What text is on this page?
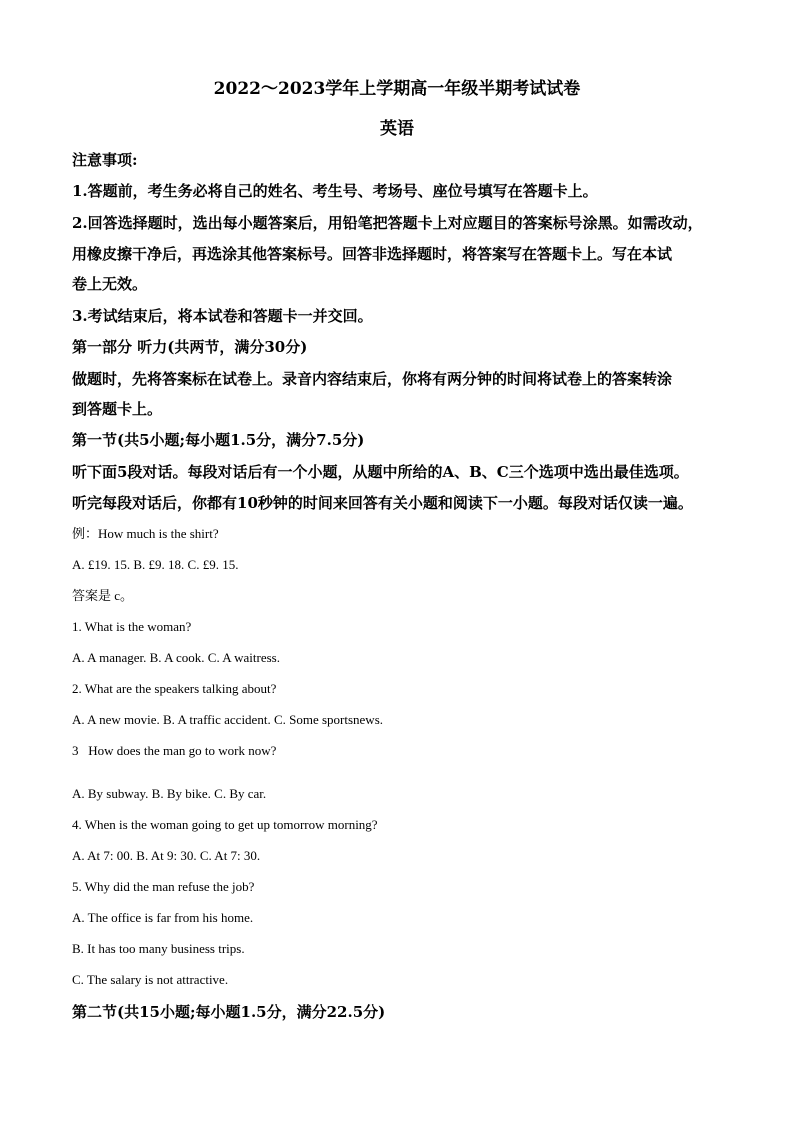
2022～2023学年上学期高一年级半期考试试卷
英语
注意事项:
1.答题前，考生务必将自己的姓名、考生号、考场号、座位号填写在答题卡上。
2.回答选择题时，选出每小题答案后，用铅笔把答题卡上对应题目的答案标号涂黑。如需改动，
用橡皮擦干净后，再选涂其他答案标号。回答非选择题时，将答案写在答题卡上。写在本试
卷上无效。
3.考试结束后，将本试卷和答题卡一并交回。
第一部分 听力(共两节，满分30分)
做题时，先将答案标在试卷上。录音内容结束后，你将有两分钟的时间将试卷上的答案转涂
到答题卡上。
第一节(共5小题;每小题1.5分，满分7.5分)
听下面5段对话。每段对话后有一个小题，从题中所给的A、B、C三个选项中选出最佳选项。
听完每段对话后，你都有10秒钟的时间来回答有关小题和阅读下一小题。每段对话仅读一遍。
例：How much is the shirt?
A. £19. 15. B. £9. 18. C. £9. 15.
答案是 c。
1. What is the woman?
A. A manager. B. A cook. C. A waitress.
2. What are the speakers talking about?
A. A new movie. B. A traffic accident. C. Some sportsnews.
3   How does the man go to work now?
A. By subway. B. By bike. C. By car.
4. When is the woman going to get up tomorrow morning?
A. At 7: 00. B. At 9: 30. C. At 7: 30.
5. Why did the man refuse the job?
A. The office is far from his home.
B. It has too many business trips.
C. The salary is not attractive.
第二节(共15小题;每小题1.5分，满分22.5分)
